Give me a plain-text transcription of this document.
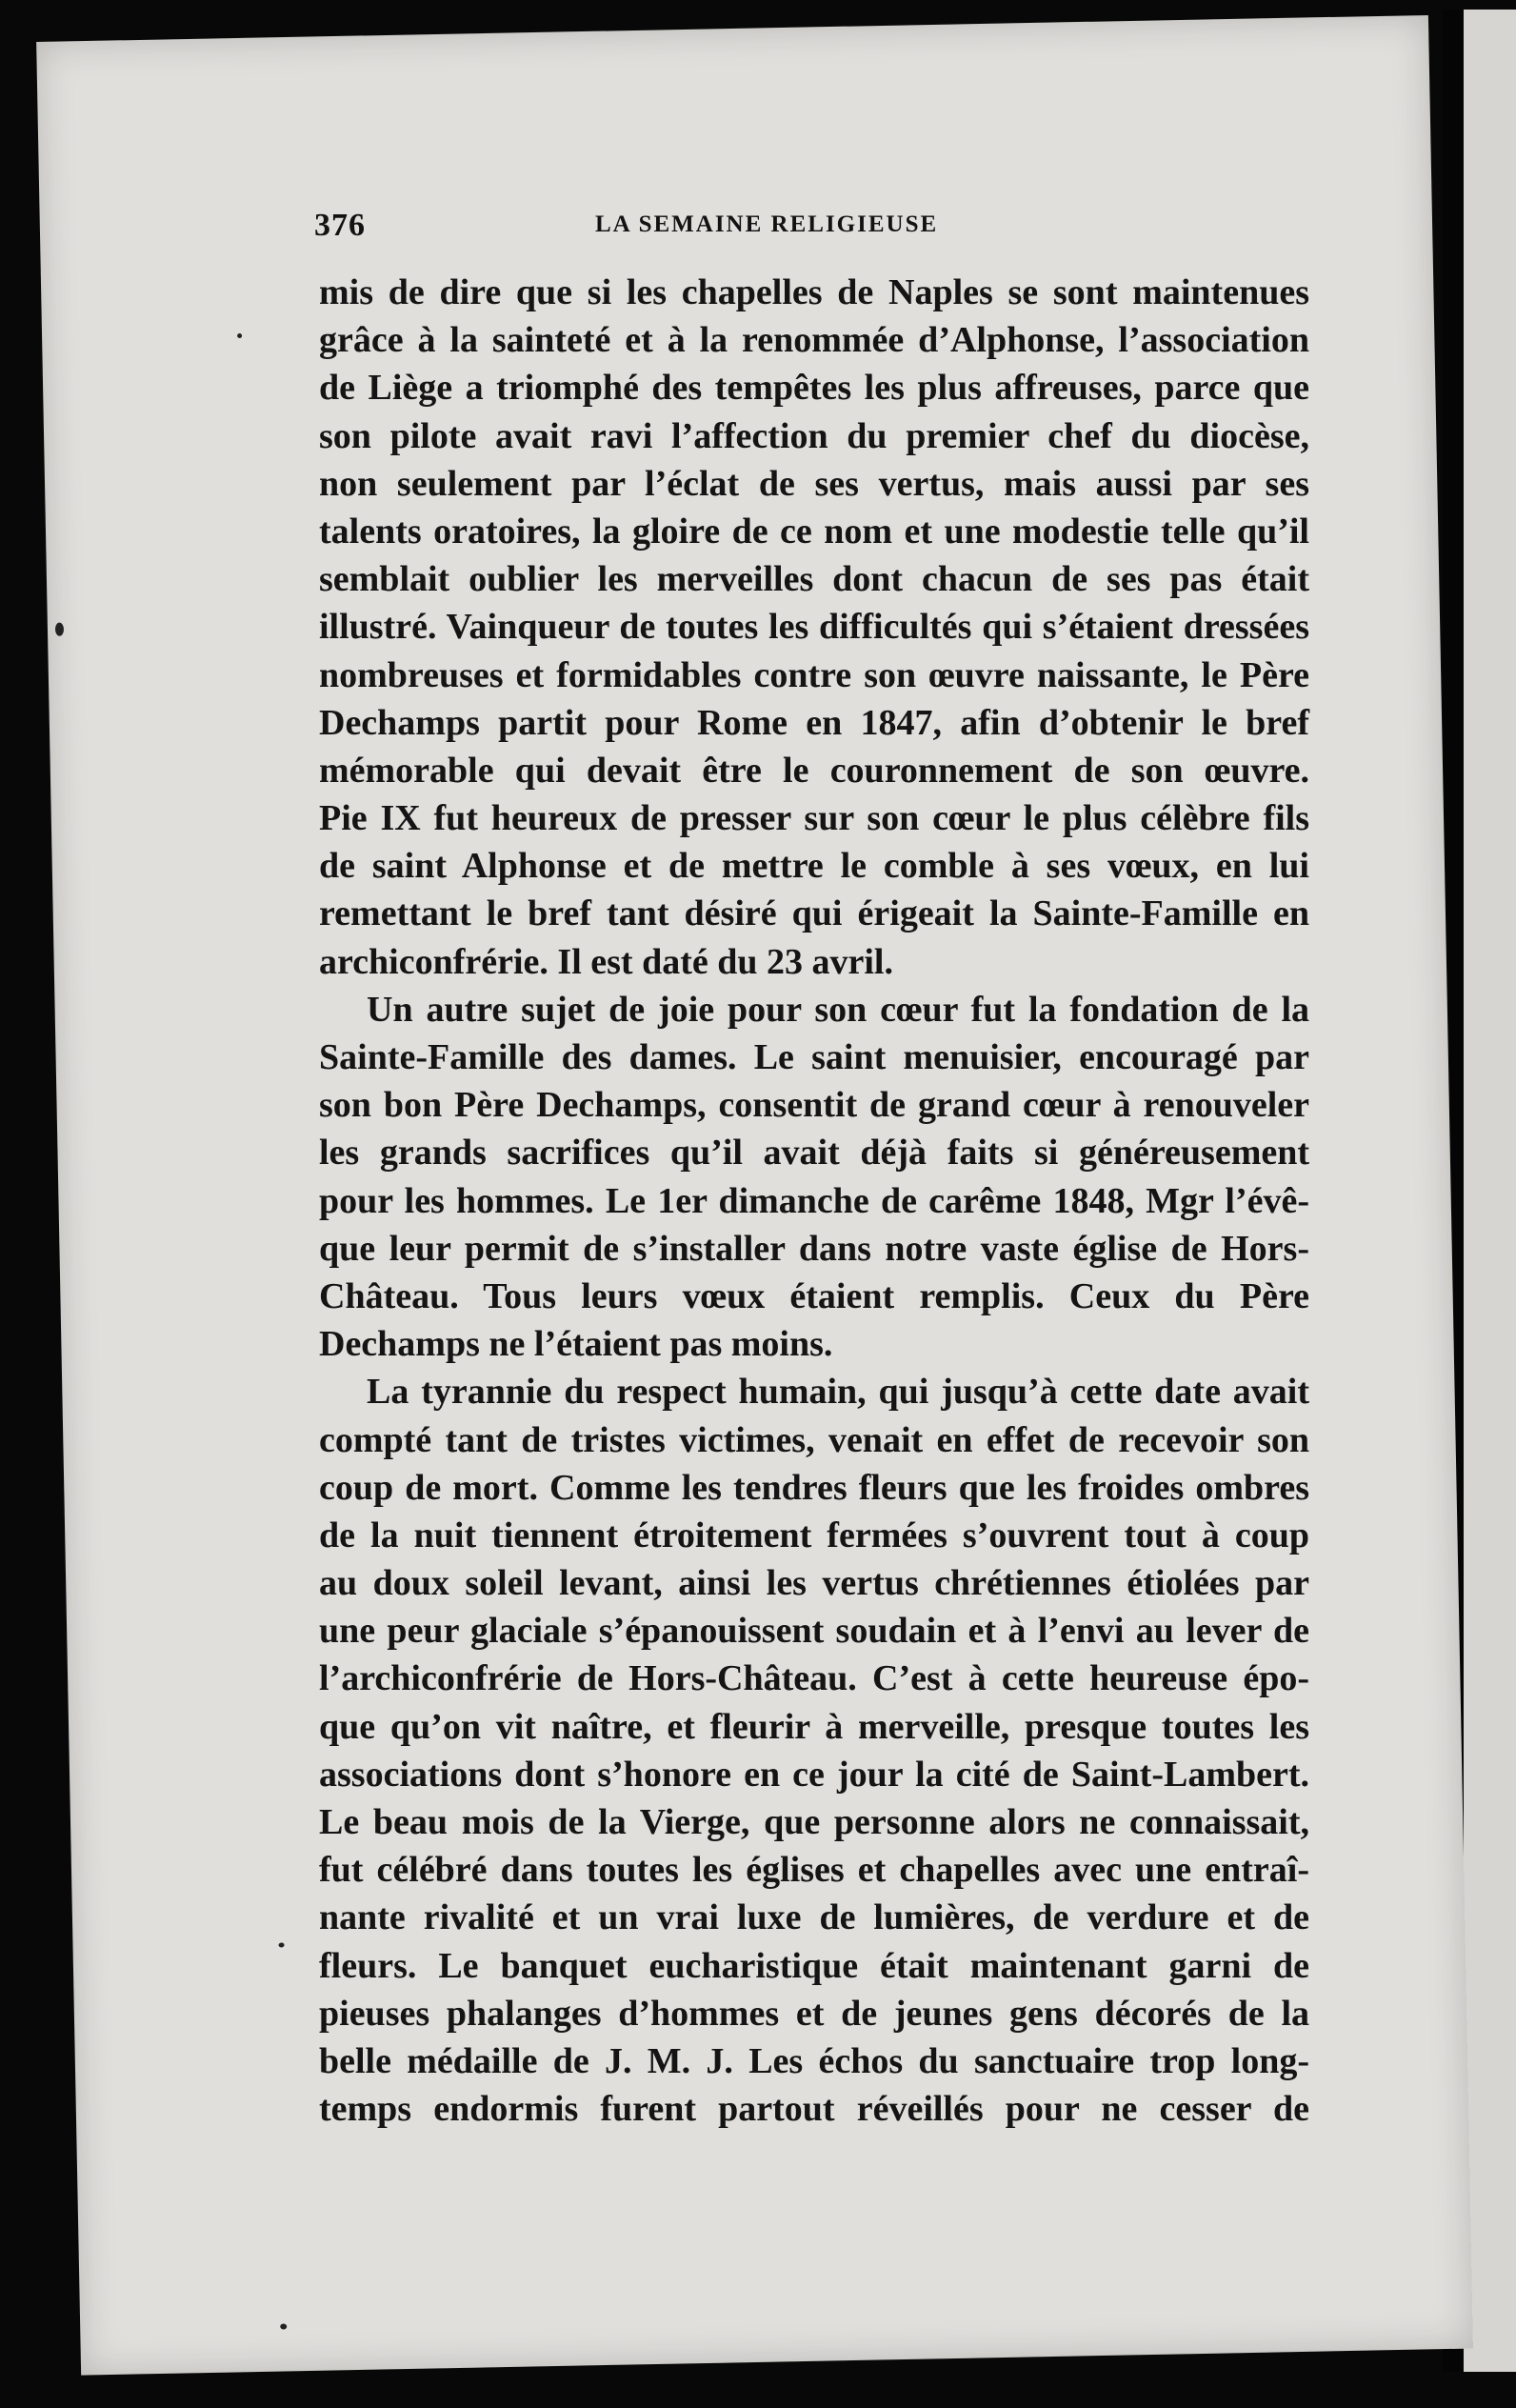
376	LA SEMAINE RELIGIEUSE
mis de dire que si les chapelles de Naples se sont maintenues
grâce à la sainteté et à la renommée d’Alphonse, l’association
de Liège a triomphé des tempêtes les plus affreuses, parce que
son pilote avait ravi l’affection du premier chef du diocèse,
non seulement par l’éclat de ses vertus, mais aussi par ses
talents oratoires, la gloire de ce nom et une modestie telle qu’il
semblait oublier les merveilles dont chacun de ses pas était
illustré. Vainqueur de toutes les difficultés qui s’étaient dressées
nombreuses et formidables contre son œuvre naissante, le Père
Dechamps partit pour Rome en 1847, afin d’obtenir le bref
mémorable qui devait être le couronnement de son œuvre.
Pie IX fut heureux de presser sur son cœur le plus célèbre fils
de saint Alphonse et de mettre le comble à ses vœux, en lui
remettant le bref tant désiré qui érigeait la Sainte-Famille en
archiconfrérie. Il est daté du 23 avril.
Un autre sujet de joie pour son cœur fut la fondation de la
Sainte-Famille des dames. Le saint menuisier, encouragé par
son bon Père Dechamps, consentit de grand cœur à renouveler
les grands sacrifices qu’il avait déjà faits si généreusement
pour les hommes. Le 1er dimanche de carême 1848, Mgr l’évê-
que leur permit de s’installer dans notre vaste église de Hors-
Château. Tous leurs vœux étaient remplis. Ceux du Père
Dechamps ne l’étaient pas moins.
La tyrannie du respect humain, qui jusqu’à cette date avait
compté tant de tristes victimes, venait en effet de recevoir son
coup de mort. Comme les tendres fleurs que les froides ombres
de la nuit tiennent étroitement fermées s’ouvrent tout à coup
au doux soleil levant, ainsi les vertus chrétiennes étiolées par
une peur glaciale s’épanouissent soudain et à l’envi au lever de
l’archiconfrérie de Hors-Château. C’est à cette heureuse épo-
que qu’on vit naître, et fleurir à merveille, presque toutes les
associations dont s’honore en ce jour la cité de Saint-Lambert.
Le beau mois de la Vierge, que personne alors ne connaissait,
fut célébré dans toutes les églises et chapelles avec une entraî-
nante rivalité et un vrai luxe de lumières, de verdure et de
fleurs. Le banquet eucharistique était maintenant garni de
pieuses phalanges d’hommes et de jeunes gens décorés de la
belle médaille de J. M. J. Les échos du sanctuaire trop long-
temps endormis furent partout réveillés pour ne cesser de
